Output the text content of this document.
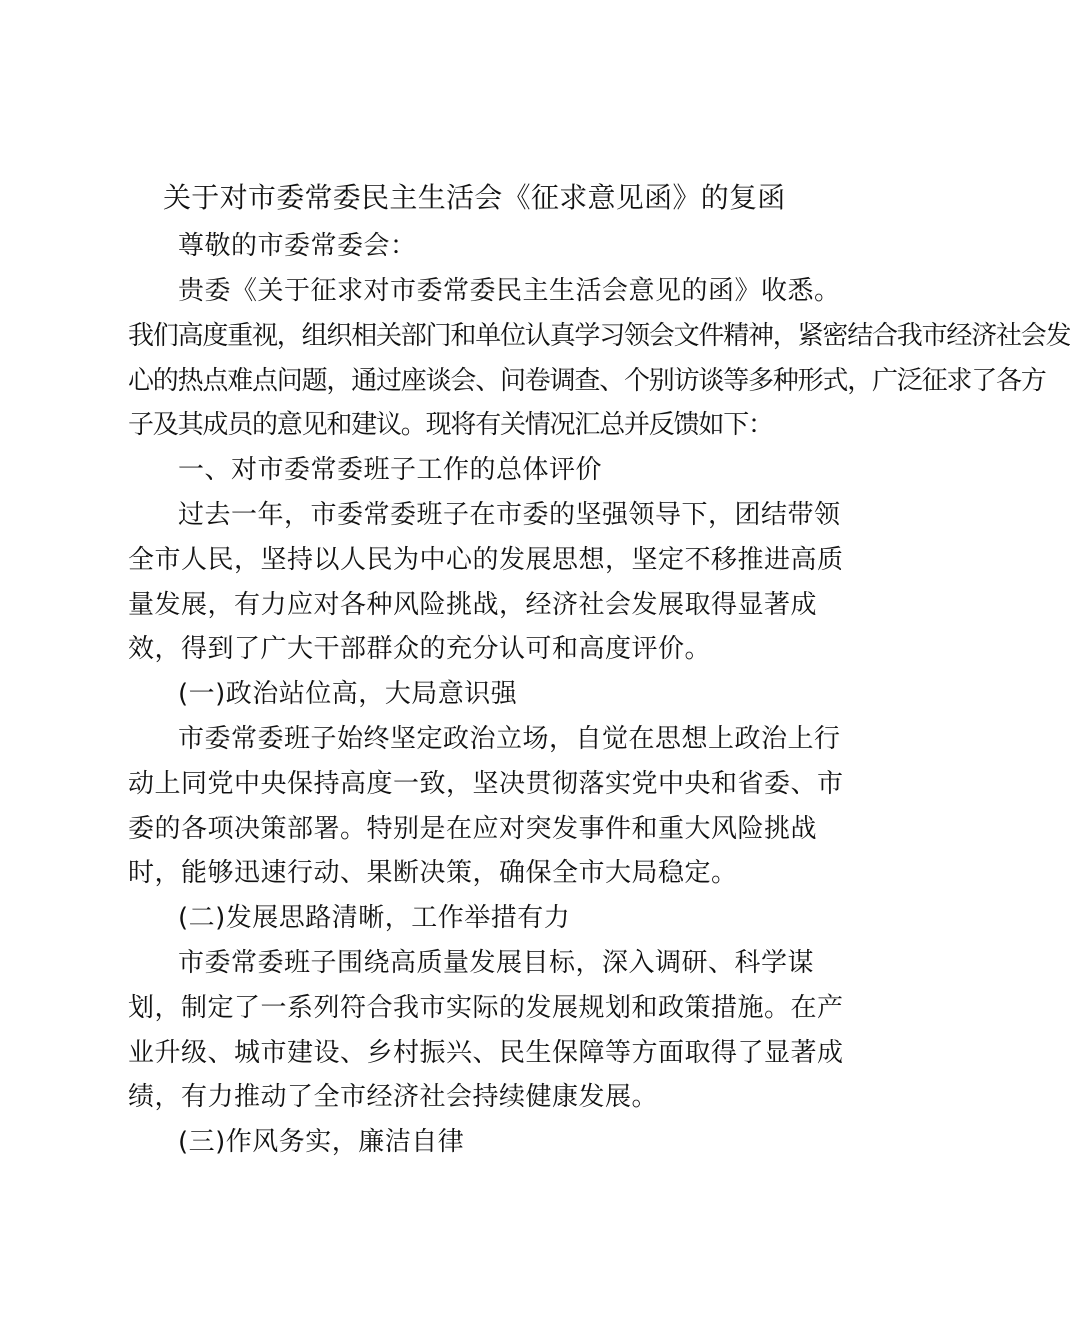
关于对市委常委民主生活会《征求意见函》的复函
尊敬的市委常委会：
贵委《关于征求对市委常委民主生活会意见的函》收悉。
我们高度重视，组织相关部门和单位认真学习领会文件精神，紧密结合我市经济社会发
心的热点难点问题，通过座谈会、问卷调查、个别访谈等多种形式，广泛征求了各方
子及其成员的意见和建议。现将有关情况汇总并反馈如下：
一、对市委常委班子工作的总体评价
过去一年，市委常委班子在市委的坚强领导下，团结带领
全市人民，坚持以人民为中心的发展思想，坚定不移推进高质
量发展，有力应对各种风险挑战，经济社会发展取得显著成
效，得到了广大干部群众的充分认可和高度评价。
(一)政治站位高，大局意识强
市委常委班子始终坚定政治立场，自觉在思想上政治上行
动上同党中央保持高度一致，坚决贯彻落实党中央和省委、市
委的各项决策部署。特别是在应对突发事件和重大风险挑战
时，能够迅速行动、果断决策，确保全市大局稳定。
(二)发展思路清晰，工作举措有力
市委常委班子围绕高质量发展目标，深入调研、科学谋
划，制定了一系列符合我市实际的发展规划和政策措施。在产
业升级、城市建设、乡村振兴、民生保障等方面取得了显著成
绩，有力推动了全市经济社会持续健康发展。
(三)作风务实，廉洁自律
